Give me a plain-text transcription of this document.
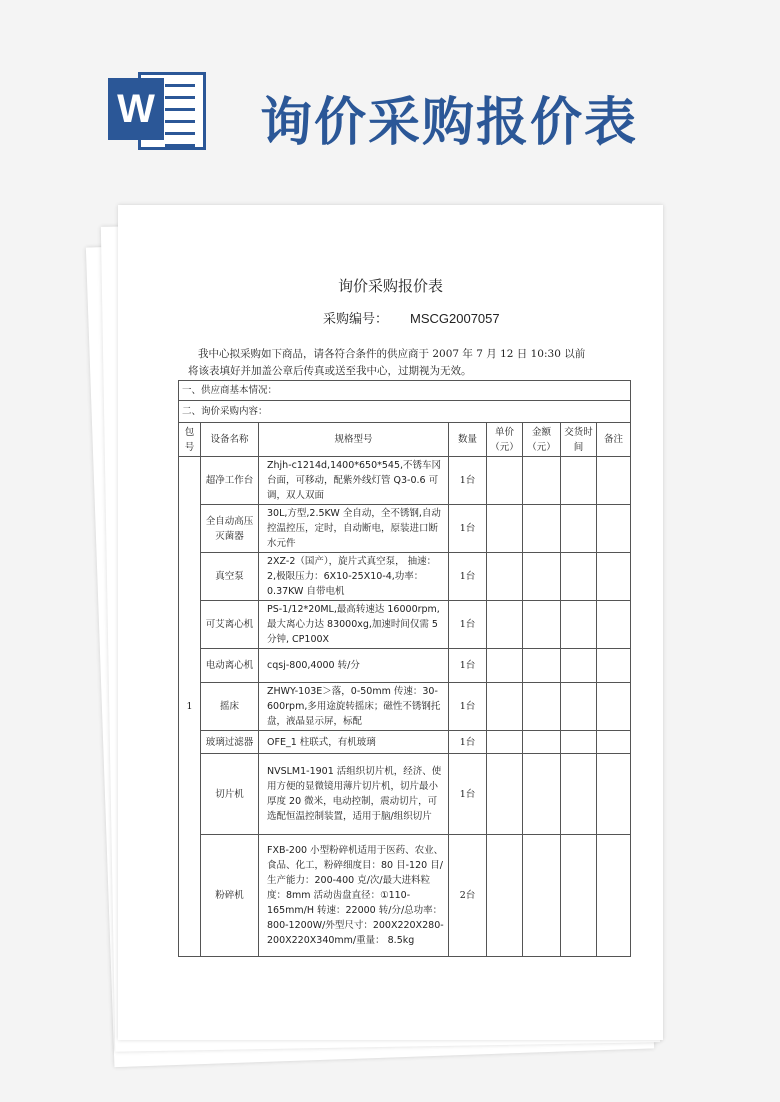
W 询价采购报价表
询价采购报价表
采购编号： MSCG2007057

我中心拟采购如下商品，请各符合条件的供应商于 2007 年 7 月 12 日 10:30 以前

将该表填好并加盖公章后传真或送至我中心，过期视为无效。

一、供应商基本情况：							
二、询价采购内容：							
包号	设备名称	规格型号	数量	单价（元）	金额（元）	交货时间	备注
1	超净工作台	Zhjh-c1214d,1400*650*545,不锈车冈台面，可移动，配紫外线灯管 Q3-0.6 可调，双人双面	1台				
	全自动高压灭菌器	30L,方型,2.5KW 全自动，全不锈钢,自动控温控压，定时，自动断电，原装进口断水元件	1台				
	真空泵	2XZ-2（国产），旋片式真空泵， 抽速：2,极限压力：6X10-25X10-4,功率：0.37KW 自带电机	1台				
	可艾离心机	PS-1/12*20ML,最高转速达 16000rpm,最大离心力达 83000xg,加速时间仅需 5分钟, CP100X	1台				
	电动离心机	cqsj-800,4000 转/分	1台				
	摇床	ZHWY-103E＞落，0-50mm 传速：30-600rpm,多用途旋转摇床；磁性不锈钢托盘，液晶显示屏，标配	1台				
	玻璃过滤器	OFE_1 柱联式，有机玻璃	1台				
	切片机	NVSLM1-1901 活组织切片机，经济、使用方便的显微镜用薄片切片机，切片最小厚度 20 微米，电动控制，震动切片，可选配恒温控制装置，适用于脑/组织切片	1台				
	粉碎机	FXB-200 小型粉碎机适用于医药、农业、食品、化工，粉碎细度目：80 目-120 目/生产能力：200-400 克/次/最大进料粒度：8mm 活动齿盘直径：①110-165mm/H 转速：22000 转/分/总功率：800-1200W/外型尺寸：200X220X280-200X220X340mm/重量： 8.5kg	2台				
